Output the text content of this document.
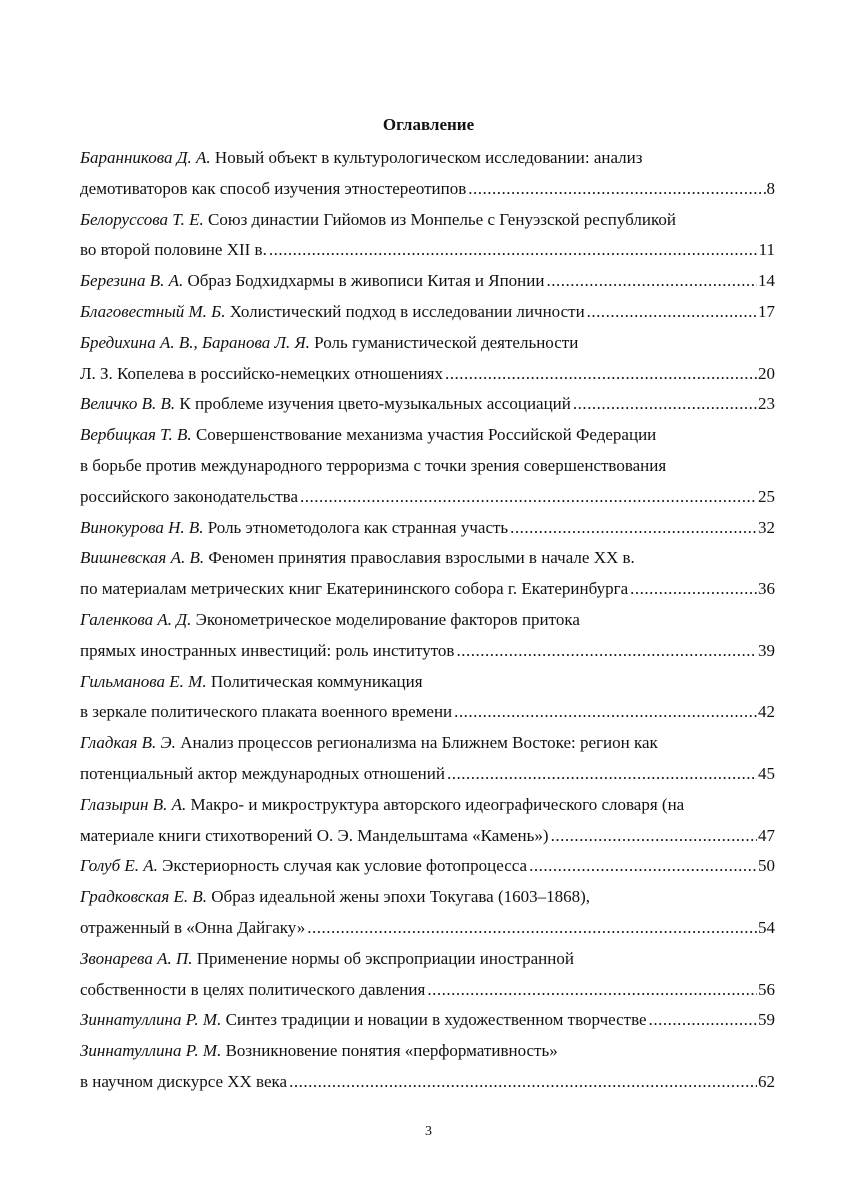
Оглавление
Баранникова Д. А.
Новый объект в культурологическом исследовании: анализ
демотиваторов как способ изучения этностереотипов .....	8
Белоруссова Т. Е.
Союз династии Гийомов из Монпелье с Генуэзской республикой
во второй половине XII в. .....	11
Березина В. А.
Образ Бодхидхармы в живописи Китая и Японии .....	14
Благовестный М. Б.
Холистический подход в исследовании личности .....	17
Бредихина А. В., Баранова Л. Я.
Роль гуманистической деятельности
Л. З. Копелева в российско-немецких отношениях .....	20
Величко В. В.
К проблеме изучения цвето-музыкальных ассоциаций .....	23
Вербицкая Т. В.
Совершенствование механизма участия Российской Федерации
в борьбе против международного терроризма с точки зрения совершенствования
российского законодательства .....	25
Винокурова Н. В.
Роль этнометодолога как странная участь .....	32
Вишневская А. В.
Феномен принятия православия взрослыми в начале XX в.
по материалам метрических книг Екатерининского собора г. Екатеринбурга .....	36
Галенкова А. Д.
Эконометрическое моделирование факторов притока
прямых иностранных инвестиций: роль институтов .....	39
Гильманова Е. М.
Политическая коммуникация
в зеркале политического плаката военного времени .....	42
Гладкая В. Э.
Анализ процессов регионализма на Ближнем Востоке: регион как
потенциальный актор международных отношений .....	45
Глазырин В. А.
Макро- и микроструктура авторского идеографического словаря (на
материале книги стихотворений О. Э. Мандельштама «Камень») .....	47
Голуб Е. А.
Экстериорность случая как условие фотопроцесса .....	50
Градковская Е. В.
Образ идеальной жены эпохи Токугава (1603–1868),
отраженный в «Онна Дайгаку» .....	54
Звонарева А. П.
Применение нормы об экспроприации иностранной
собственности в целях политического давления .....	56
Зиннатуллина Р. М.
Синтез традиции и новации в художественном творчестве .....	59
Зиннатуллина Р. М.
Возникновение понятия «перформативность»
в научном дискурсе XX века .....	62
3
